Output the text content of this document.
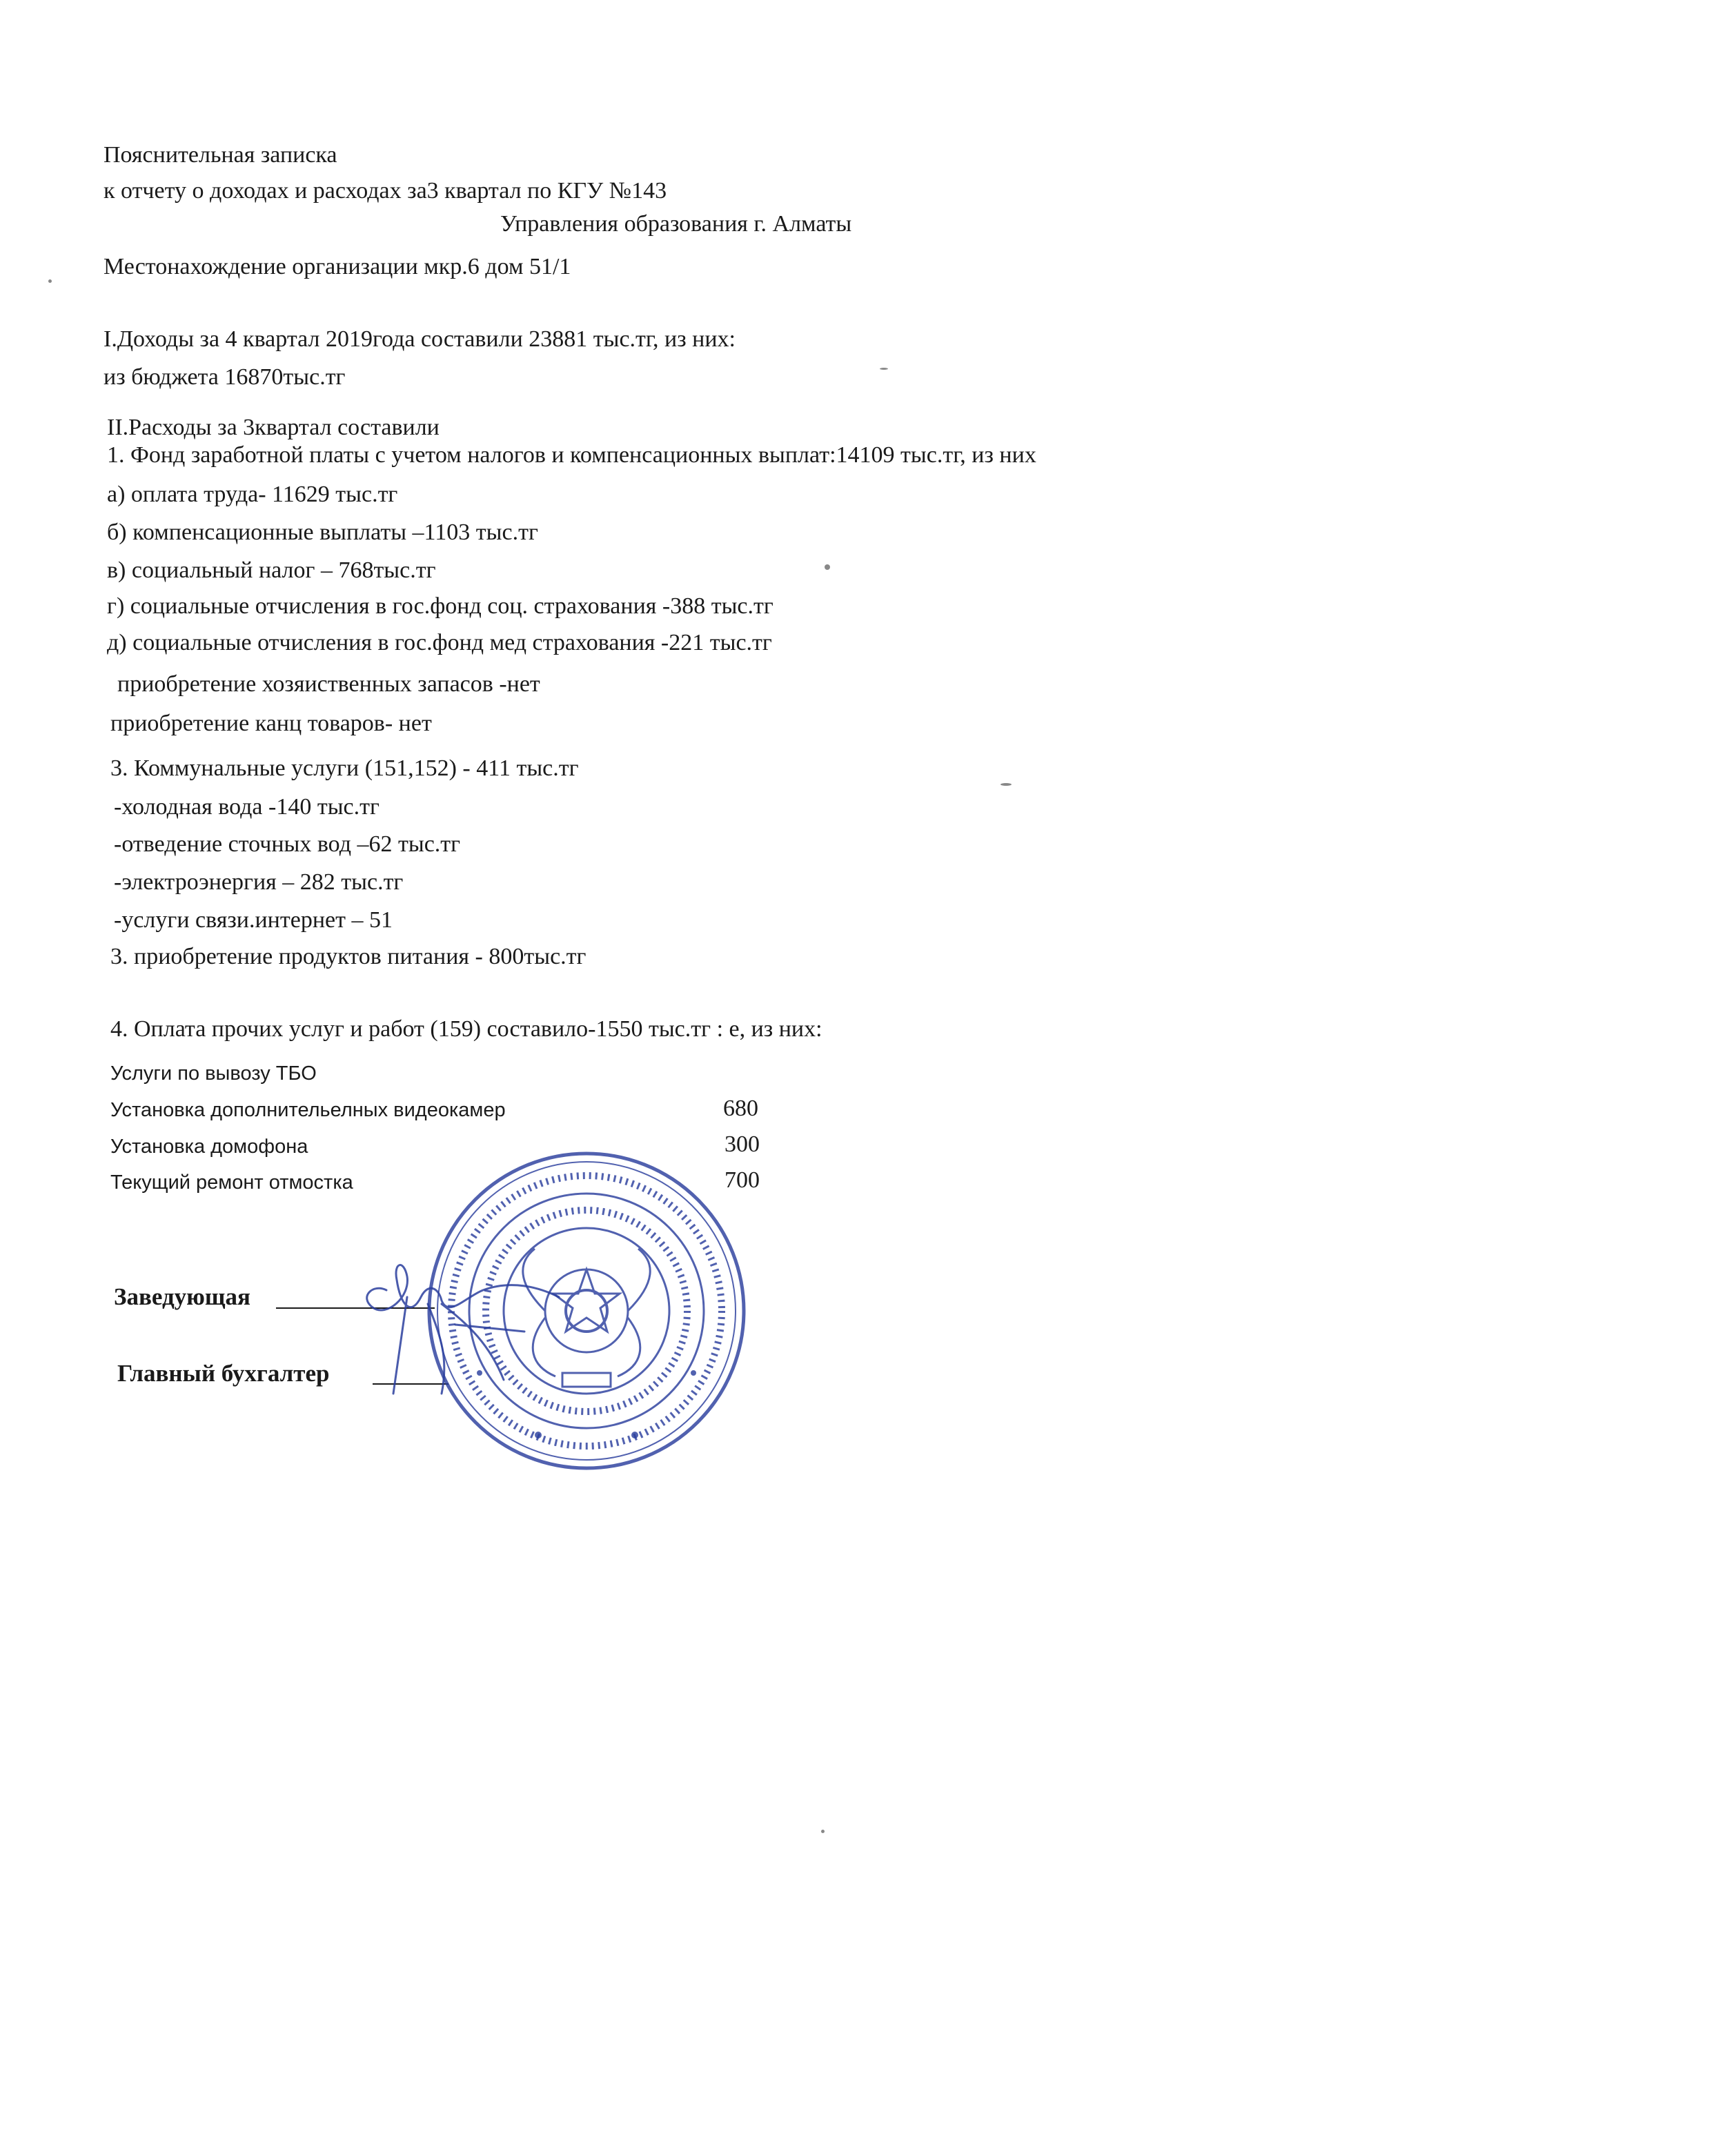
Пояснительная записка
к отчету о доходах и расходах за3 квартал по КГУ №143
Управления образования г. Алматы
Местонахождение организации мкр.6 дом 51/1
I.Доходы за 4 квартал 2019года составили 23881 тыс.тг, из них:
из бюджета 16870тыс.тг
II.Расходы за 3квартал составили
1. Фонд заработной платы с учетом налогов и компенсационных выплат:14109 тыс.тг, из них
а) оплата труда- 11629 тыс.тг
б) компенсационные выплаты –1103 тыс.тг
в) социальный налог – 768тыс.тг
г) социальные отчисления в гос.фонд соц. страхования -388 тыс.тг
д) социальные отчисления в гос.фонд мед страхования -221 тыс.тг
приобретение хозяиственных запасов -нет
приобретение канц товаров- нет
3. Коммунальные услуги (151,152) - 411 тыс.тг
-холодная вода -140 тыс.тг
-отведение сточных вод –62 тыс.тг
-электроэнергия – 282 тыс.тг
-услуги связи.интернет – 51
3. приобретение продуктов питания - 800тыс.тг
4. Оплата прочих услуг и работ (159) составило-1550 тыс.тг : е, из них:
Услуги по вывозу ТБО
Установка дополнительелных видеокамер
Установка домофона
Текущий ремонт отмостка
680
300
700
Заведующая
Главный бухгалтер
